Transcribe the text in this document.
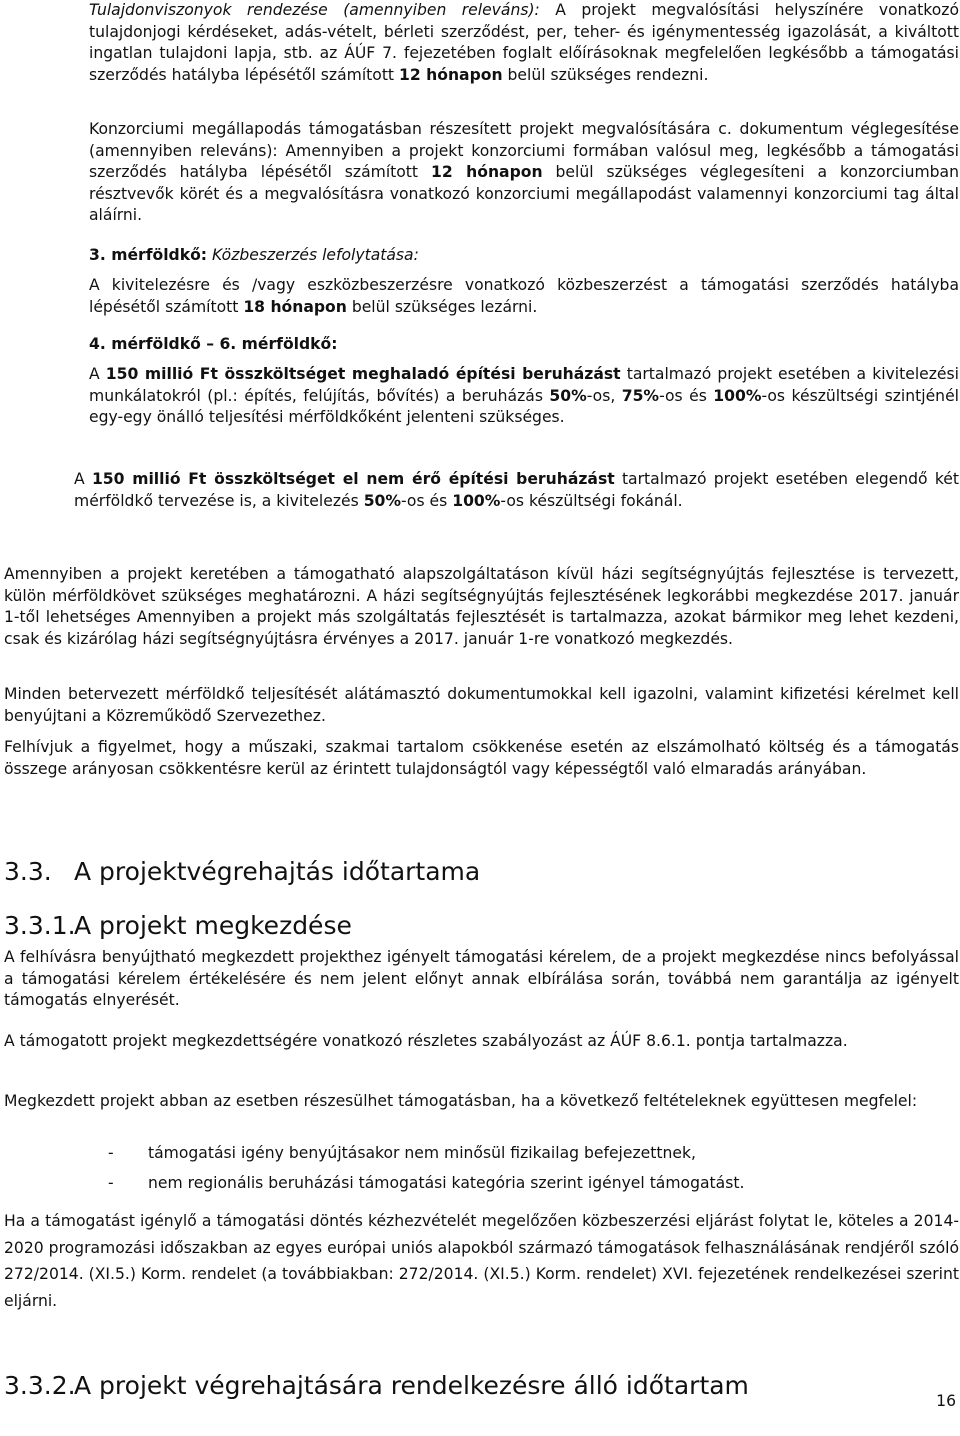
Tulajdonviszonyok rendezése (amennyiben releváns): A projekt megvalósítási helyszínére vonatkozó tulajdonjogi kérdéseket, adás-vételt, bérleti szerződést, per, teher- és igénymentesség igazolását, a kiváltott ingatlan tulajdoni lapja, stb. az ÁÚF 7. fejezetében foglalt előírásoknak megfelelően legkésőbb a támogatási szerződés hatályba lépésétől számított 12 hónapon belül szükséges rendezni.
Konzorciumi megállapodás támogatásban részesített projekt megvalósítására c. dokumentum véglegesítése (amennyiben releváns): Amennyiben a projekt konzorciumi formában valósul meg, legkésőbb a támogatási szerződés hatályba lépésétől számított 12 hónapon belül szükséges véglegesíteni a konzorciumban résztvevők körét és a megvalósításra vonatkozó konzorciumi megállapodást valamennyi konzorciumi tag által aláírni.
3. mérföldkő: Közbeszerzés lefolytatása:
A kivitelezésre és /vagy eszközbeszerzésre vonatkozó közbeszerzést a támogatási szerződés hatályba lépésétől számított 18 hónapon belül szükséges lezárni.
4. mérföldkő – 6. mérföldkő:
A 150 millió Ft összköltséget meghaladó építési beruházást tartalmazó projekt esetében a kivitelezési munkálatokról (pl.: építés, felújítás, bővítés) a beruházás 50%-os, 75%-os és 100%-os készültségi szintjénél egy-egy önálló teljesítési mérföldkőként jelenteni szükséges.
A 150 millió Ft összköltséget el nem érő építési beruházást tartalmazó projekt esetében elegendő két mérföldkő tervezése is, a kivitelezés 50%-os és 100%-os készültségi fokánál.
Amennyiben a projekt keretében a támogatható alapszolgáltatáson kívül házi segítségnyújtás fejlesztése is tervezett, külön mérföldkövet szükséges meghatározni. A házi segítségnyújtás fejlesztésének legkorábbi megkezdése 2017. január 1-től lehetséges Amennyiben a projekt más szolgáltatás fejlesztését is tartalmazza, azokat bármikor meg lehet kezdeni, csak és kizárólag házi segítségnyújtásra érvényes a 2017. január 1-re vonatkozó megkezdés.
Minden betervezett mérföldkő teljesítését alátámasztó dokumentumokkal kell igazolni, valamint kifizetési kérelmet kell benyújtani a Közreműködő Szervezethez.
Felhívjuk a figyelmet, hogy a műszaki, szakmai tartalom csökkenése esetén az elszámolható költség és a támogatás összege arányosan csökkentésre kerül az érintett tulajdonságtól vagy képességtől való elmaradás arányában.
3.3. A projektvégrehajtás időtartama
3.3.1.A projekt megkezdése
A felhívásra benyújtható megkezdett projekthez igényelt támogatási kérelem, de a projekt megkezdése nincs befolyással a támogatási kérelem értékelésére és nem jelent előnyt annak elbírálása során, továbbá nem garantálja az igényelt támogatás elnyerését.
A támogatott projekt megkezdettségére vonatkozó részletes szabályozást az ÁÚF 8.6.1. pontja tartalmazza.
Megkezdett projekt abban az esetben részesülhet támogatásban, ha a következő feltételeknek együttesen megfelel:
- támogatási igény benyújtásakor nem minősül fizikailag befejezettnek,
- nem regionális beruházási támogatási kategória szerint igényel támogatást.
Ha a támogatást igénylő a támogatási döntés kézhezvételét megelőzően közbeszerzési eljárást folytat le, köteles a 2014-2020 programozási időszakban az egyes európai uniós alapokból származó támogatások felhasználásának rendjéről szóló 272/2014. (XI.5.) Korm. rendelet (a továbbiakban: 272/2014. (XI.5.) Korm. rendelet) XVI. fejezetének rendelkezései szerint eljárni.
3.3.2.A projekt végrehajtására rendelkezésre álló időtartam
16
